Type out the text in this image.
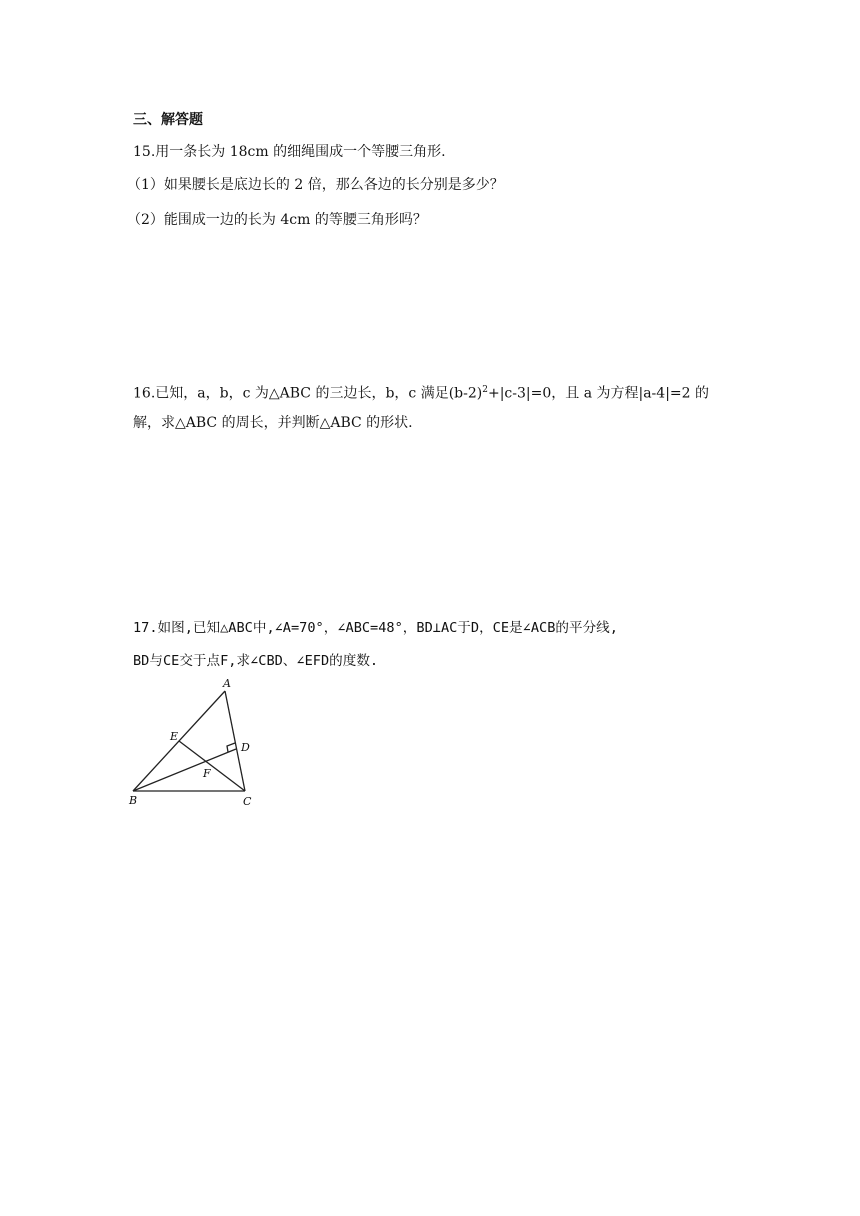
三、解答题
15.用一条长为 18cm 的细绳围成一个等腰三角形.
（1）如果腰长是底边长的 2 倍，那么各边的长分别是多少？
（2）能围成一边的长为 4cm 的等腰三角形吗？
16.已知，a，b，c 为△ABC 的三边长，b，c 满足$(b-2)^2+|c-3|=0$，且 a 为方程|a-4|=2 的
解，求△ABC 的周长，并判断△ABC 的形状.
17.如图,已知△ABC中,∠A=70°，∠ABC=48°，BD⊥AC于D，CE是∠ACB的平分线,
BD与CE交于点F,求∠CBD、∠EFD的度数.
A
E
D
F
B	C
